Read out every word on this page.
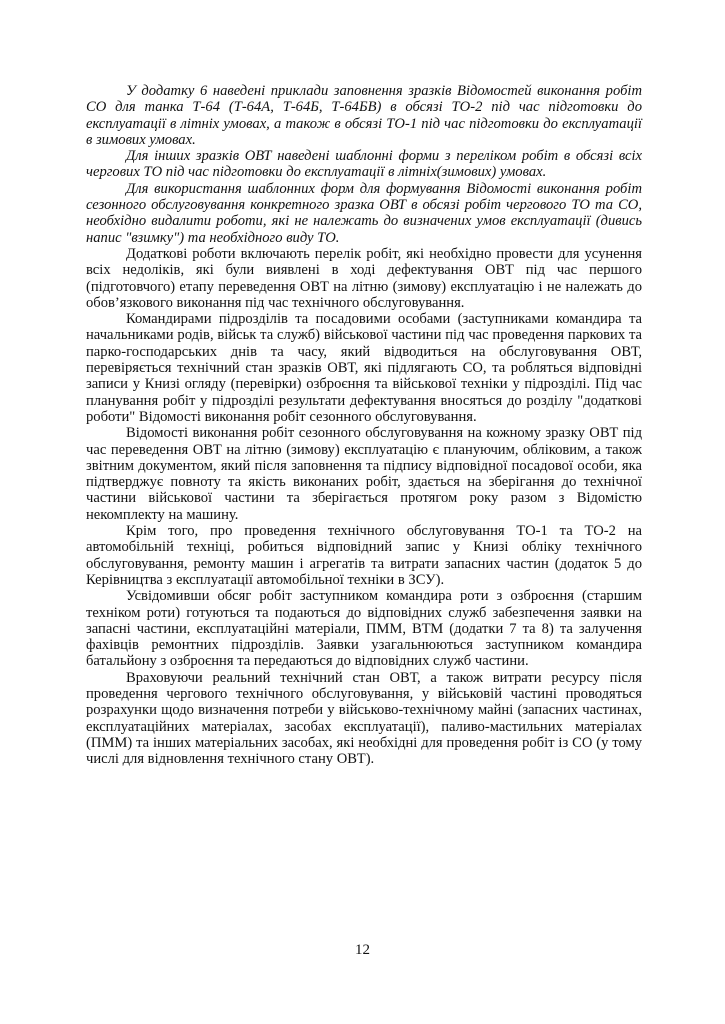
У додатку 6 наведені приклади заповнення зразків Відомостей виконання робіт СО для танка Т-64 (Т-64А, Т-64Б, Т-64БВ) в обсязі ТО-2 під час підготовки до експлуатації в літніх умовах, а також в обсязі ТО-1 під час підготовки до експлуатації в зимових умовах.

Для інших зразків ОВТ наведені шаблонні форми з переліком робіт в обсязі всіх чергових ТО під час підготовки до експлуатації в літніх(зимових) умовах.

Для використання шаблонних форм для формування Відомості виконання робіт сезонного обслуговування конкретного зразка ОВТ в обсязі робіт чергового ТО та СО, необхідно видалити роботи, які не належать до визначених умов експлуатації (дивись напис "взимку") та необхідного виду ТО.

Додаткові роботи включають перелік робіт, які необхідно провести для усунення всіх недоліків, які були виявлені в ході дефектування ОВТ під час першого (підготовчого) етапу переведення ОВТ на літню (зимову) експлуатацію і не належать до обов’язкового виконання під час технічного обслуговування.

Командирами підрозділів та посадовими особами (заступниками командира та начальниками родів, військ та служб) військової частини під час проведення паркових та парко-господарських днів та часу, який відводиться на обслуговування ОВТ, перевіряється технічний стан зразків ОВТ, які підлягають СО, та робляться відповідні записи у Книзі огляду (перевірки) озброєння та військової техніки у підрозділі. Під час планування робіт у підрозділі результати дефектування вносяться до розділу "додаткові роботи" Відомості виконання робіт сезонного обслуговування.

Відомості виконання робіт сезонного обслуговування на кожному зразку ОВТ під час переведення ОВТ на літню (зимову) експлуатацію є плануючим, обліковим, а також звітним документом, який після заповнення та підпису відповідної посадової особи, яка підтверджує повноту та якість виконаних робіт, здається на зберігання до технічної частини військової частини та зберігається протягом року разом з Відомістю некомплекту на машину.

Крім того, про проведення технічного обслуговування ТО-1 та ТО-2 на автомобільній техніці, робиться відповідний запис у Книзі обліку технічного обслуговування, ремонту машин і агрегатів та витрати запасних частин (додаток 5 до Керівництва з експлуатації автомобільної техніки в ЗСУ).

Усвідомивши обсяг робіт заступником командира роти з озброєння (старшим техніком роти) готуються та подаються до відповідних служб забезпечення заявки на запасні частини, експлуатаційні матеріали, ПММ, ВТМ (додатки 7 та 8) та залучення фахівців ремонтних підрозділів. Заявки узагальнюються заступником командира батальйону з озброєння та передаються до відповідних служб частини.

Враховуючи реальний технічний стан ОВТ, а також витрати ресурсу після проведення чергового технічного обслуговування, у військовій частині проводяться розрахунки щодо визначення потреби у військово-технічному майні (запасних частинах, експлуатаційних матеріалах, засобах експлуатації), паливо-мастильних матеріалах (ПММ) та інших матеріальних засобах, які необхідні для проведення робіт із СО (у тому числі для відновлення технічного стану ОВТ).

12
